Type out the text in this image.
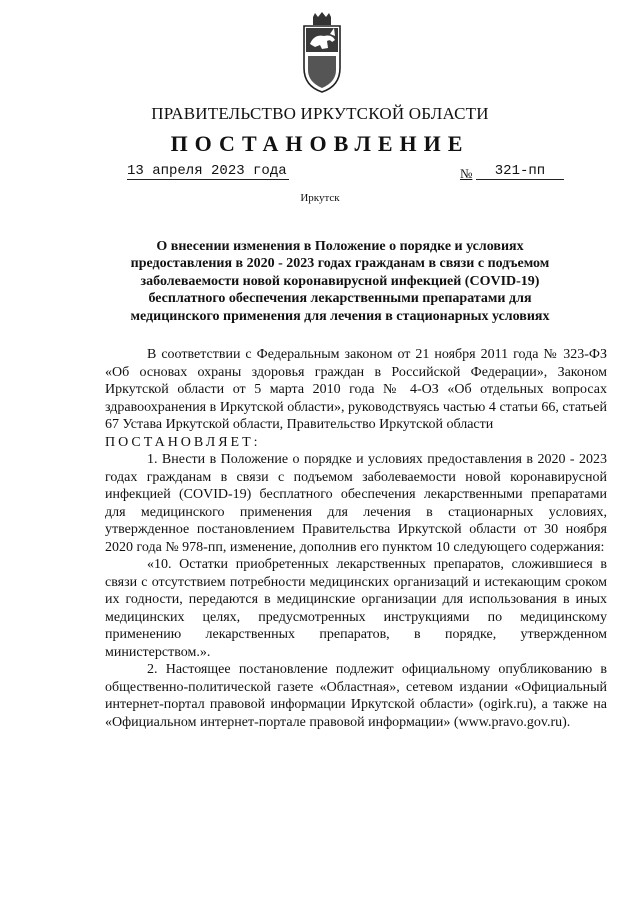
ПРАВИТЕЛЬСТВО ИРКУТСКОЙ ОБЛАСТИ
ПОСТАНОВЛЕНИЕ
13 апреля 2023 года	№	321-пп
Иркутск
О внесении изменения в Положение о порядке и условиях
предоставления в 2020 - 2023 годах гражданам в связи с подъемом
заболеваемости новой коронавирусной инфекцией (COVID-19)
бесплатного обеспечения лекарственными препаратами для
медицинского применения для лечения в стационарных условиях

В соответствии с Федеральным законом от 21 ноября 2011 года № 323-ФЗ «Об основах охраны здоровья граждан в Российской Федерации», Законом Иркутской области от 5 марта 2010 года № 4-ОЗ «Об отдельных вопросах здравоохранения в Иркутской области», руководствуясь частью 4 статьи 66, статьей 67 Устава Иркутской области, Правительство Иркутской области

ПОСТАНОВЛЯЕТ:

1. Внести в Положение о порядке и условиях предоставления в 2020 - 2023 годах гражданам в связи с подъемом заболеваемости новой коронавирусной инфекцией (COVID-19) бесплатного обеспечения лекарственными препаратами для медицинского применения для лечения в стационарных условиях, утвержденное постановлением Правительства Иркутской области от 30 ноября 2020 года № 978-пп, изменение, дополнив его пунктом 10 следующего содержания:

«10. Остатки приобретенных лекарственных препаратов, сложившиеся в связи с отсутствием потребности медицинских организаций и истекающим сроком их годности, передаются в медицинские организации для использования в иных медицинских целях, предусмотренных инструкциями по медицинскому применению лекарственных препаратов, в порядке, утвержденном министерством.».

2. Настоящее постановление подлежит официальному опубликованию в общественно-политической газете «Областная», сетевом издании «Официальный интернет-портал правовой информации Иркутской области» (ogirk.ru), а также на «Официальном интернет-портале правовой информации» (www.pravo.gov.ru).
